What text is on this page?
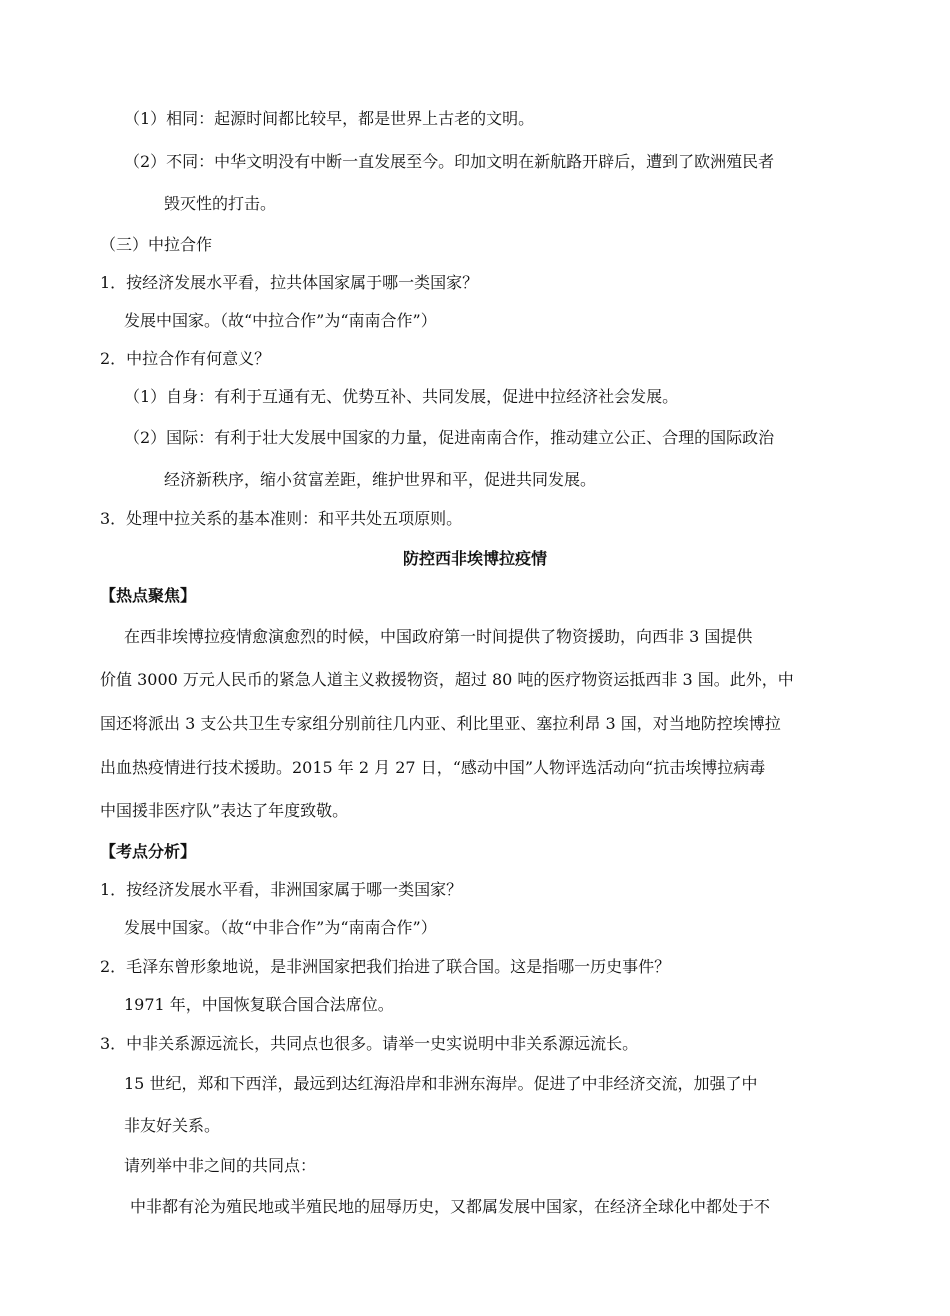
（1）相同：起源时间都比较早，都是世界上古老的文明。
（2）不同：中华文明没有中断一直发展至今。印加文明在新航路开辟后，遭到了欧洲殖民者
毁灭性的打击。
（三）中拉合作
1．按经济发展水平看，拉共体国家属于哪一类国家？
发展中国家。（故“中拉合作”为“南南合作”）
2．中拉合作有何意义？
（1）自身：有利于互通有无、优势互补、共同发展，促进中拉经济社会发展。
（2）国际：有利于壮大发展中国家的力量，促进南南合作，推动建立公正、合理的国际政治
经济新秩序，缩小贫富差距，维护世界和平，促进共同发展。
3．处理中拉关系的基本准则：和平共处五项原则。
防控西非埃博拉疫情
【热点聚焦】
在西非埃博拉疫情愈演愈烈的时候，中国政府第一时间提供了物资援助，向西非 3 国提供
价值 3000 万元人民币的紧急人道主义救援物资，超过 80 吨的医疗物资运抵西非 3 国。此外，中
国还将派出 3 支公共卫生专家组分别前往几内亚、利比里亚、塞拉利昂 3 国，对当地防控埃博拉
出血热疫情进行技术援助。2015 年 2 月 27 日，“感动中国”人物评选活动向“抗击埃博拉病毒
中国援非医疗队”表达了年度致敬。
【考点分析】
1．按经济发展水平看，非洲国家属于哪一类国家？
发展中国家。（故“中非合作”为“南南合作”）
2．毛泽东曾形象地说，是非洲国家把我们抬进了联合国。这是指哪一历史事件？
1971 年，中国恢复联合国合法席位。
3．中非关系源远流长，共同点也很多。请举一史实说明中非关系源远流长。
15 世纪，郑和下西洋，最远到达红海沿岸和非洲东海岸。促进了中非经济交流，加强了中
非友好关系。
请列举中非之间的共同点：
中非都有沦为殖民地或半殖民地的屈辱历史，又都属发展中国家，在经济全球化中都处于不
